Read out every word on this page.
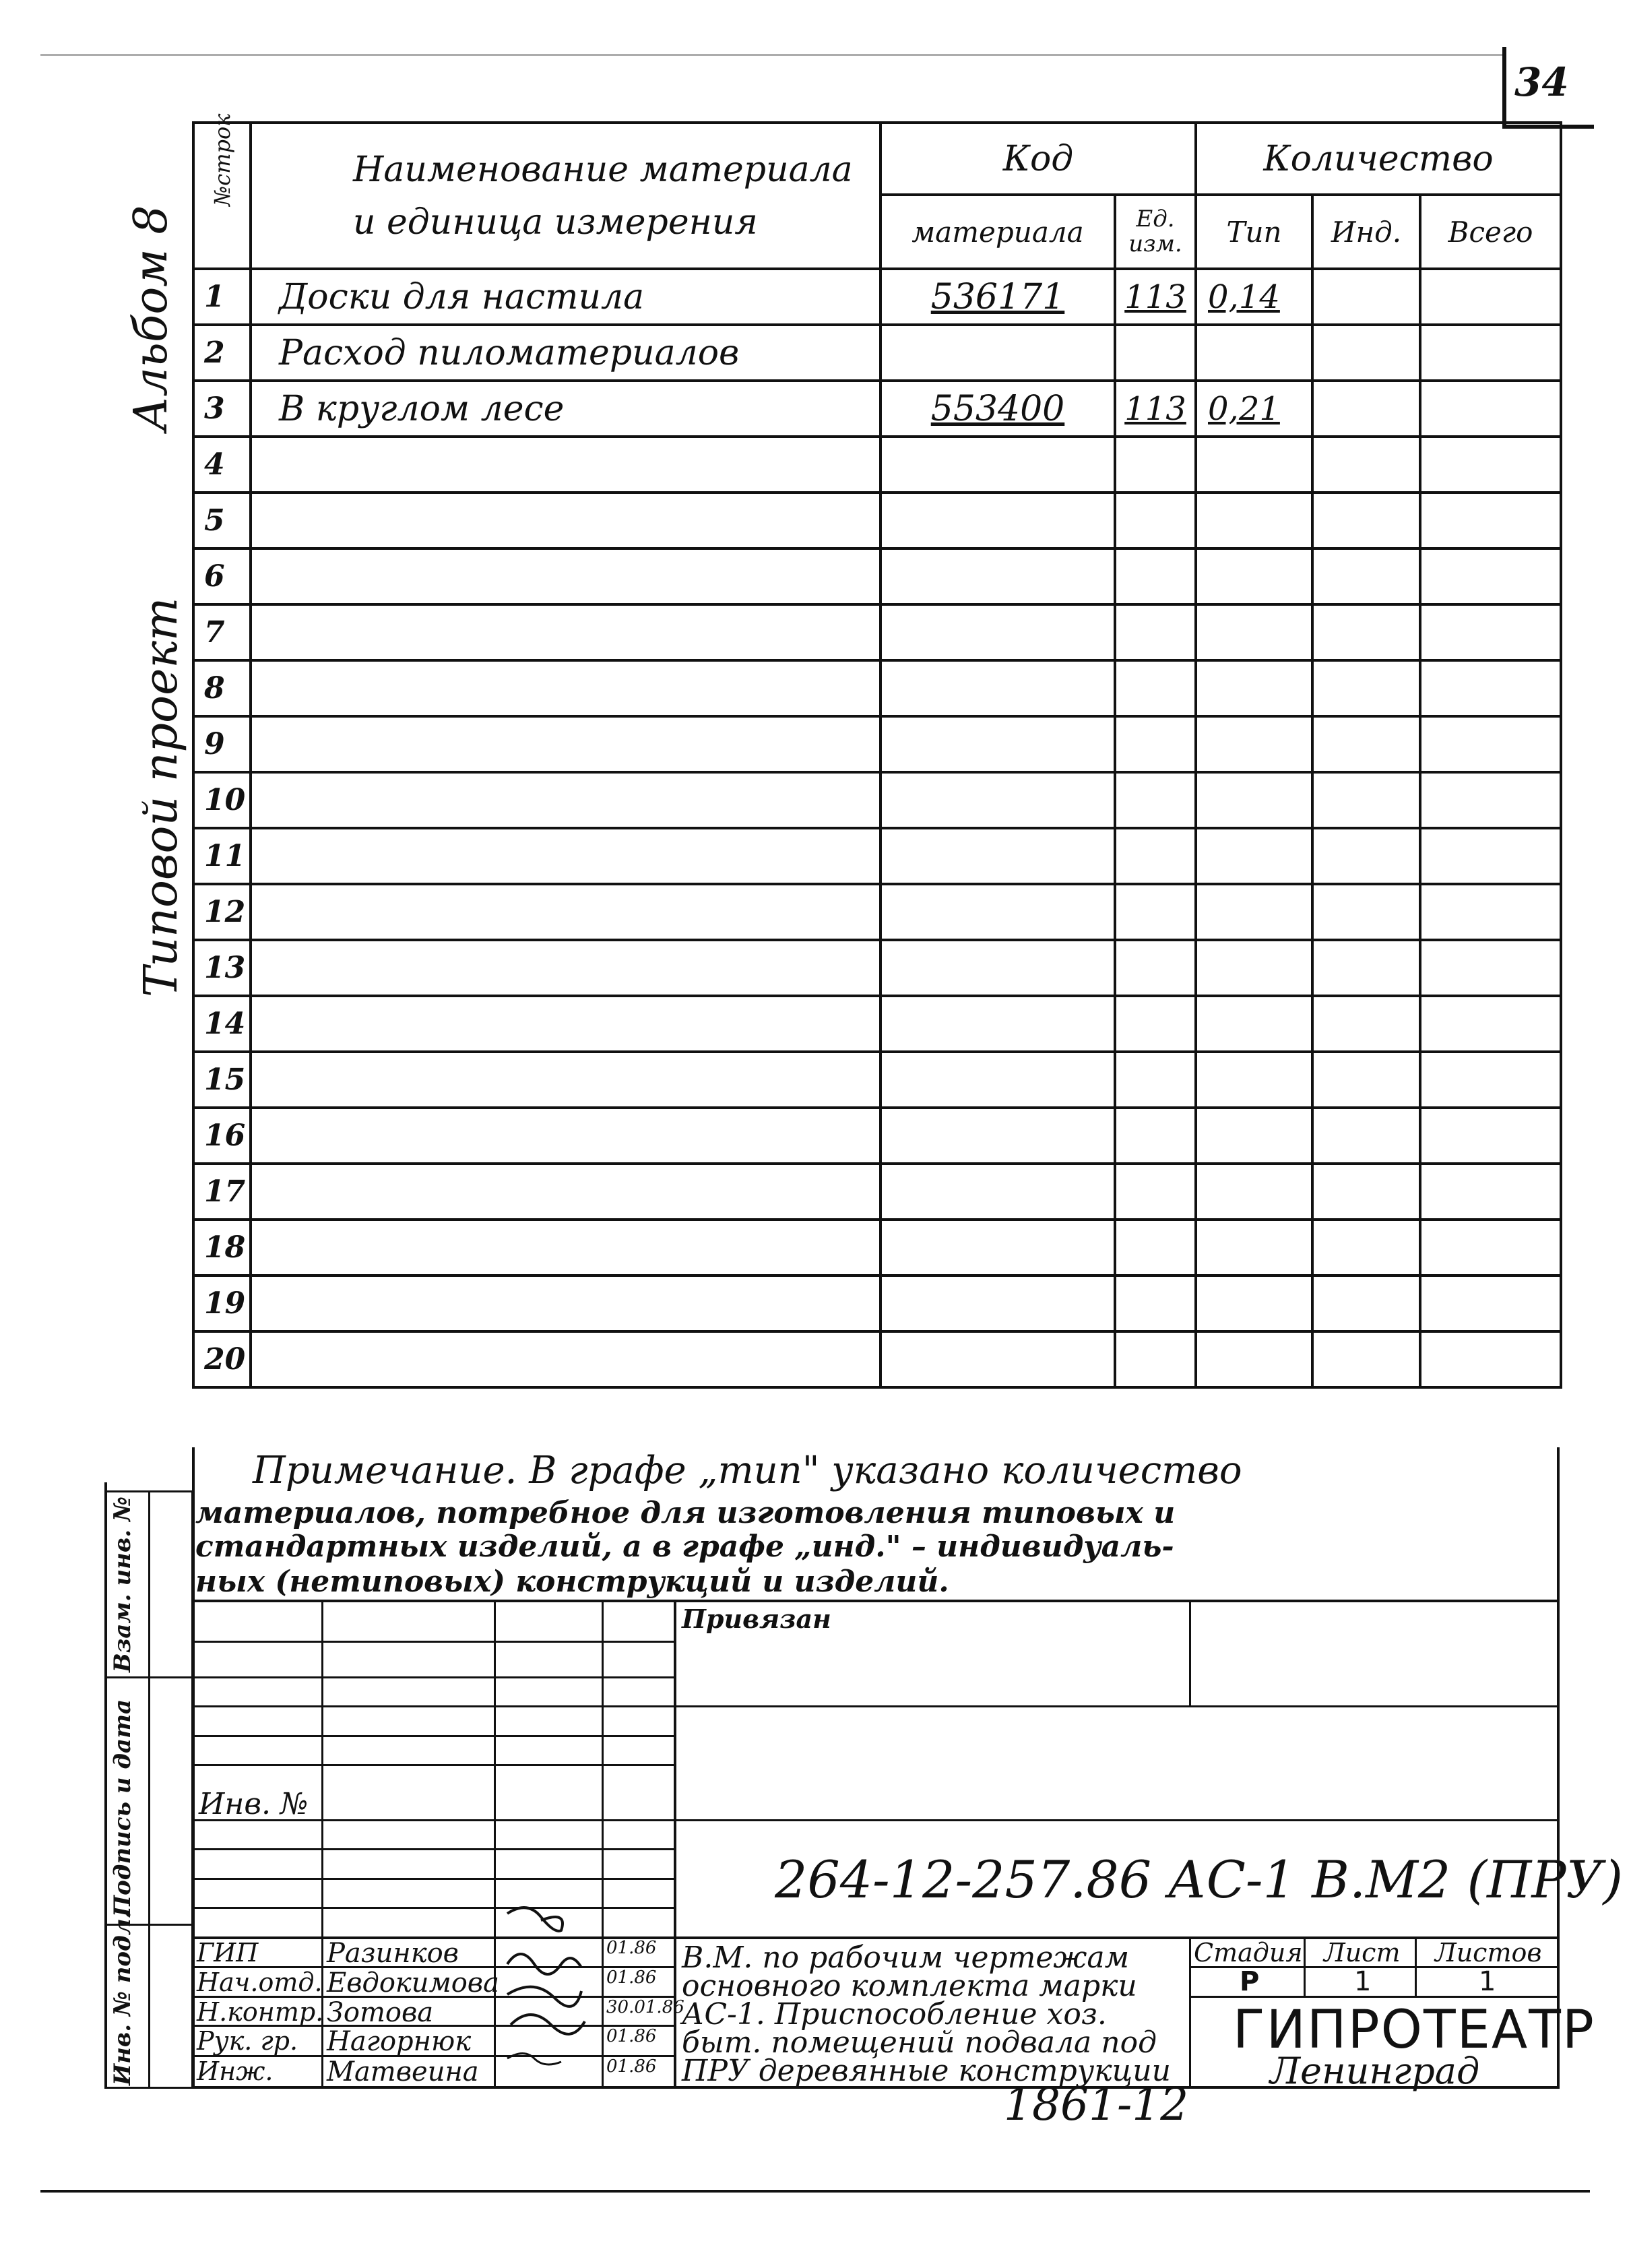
34
Альбом 8
Типовой проект
№строк	Наименование материала
и единица измерения	Код		Количество		
		материала	Ед. изм.	Тип	Инд.	Всего
1	Доски для настила	536171	113	0,14		
2	Расход пиломатериалов					
3	В круглом лесе	553400	113	0,21		
4						
5						
6						
7						
8						
9						
10						
11						
12						
13						
14						
15						
16						
17						
18						
19						
20						
Примечание. В графе „тип" указано количество
материалов, потребное для изготовления типовых и
стандартных изделий, а в графе „инд." – индивидуаль-
ных (нетиповых) конструкций и изделий.
Взам. инв. №
Подпись и дата
Инв. № подл.
Привязан
Инв. №
264-12-257.86 АС-1 В.М2 (ПРУ)
ГИП	Разинков	01.86
Нач.отд. Евдокимова	01.86
Н.контр. Зотова	30.01.86
Рук. гр. Нагорнюк	01.86
Инж. Матвеина	01.86
В.М. по рабочим чертежам
основного комплекта марки
АС-1. Приспособление хоз.
быт. помещений подвала под
ПРУ деревянные конструкции
Стадия Лист Листов
Р	1	1
ГИПРОТЕАТР
Ленинград
1861-12
